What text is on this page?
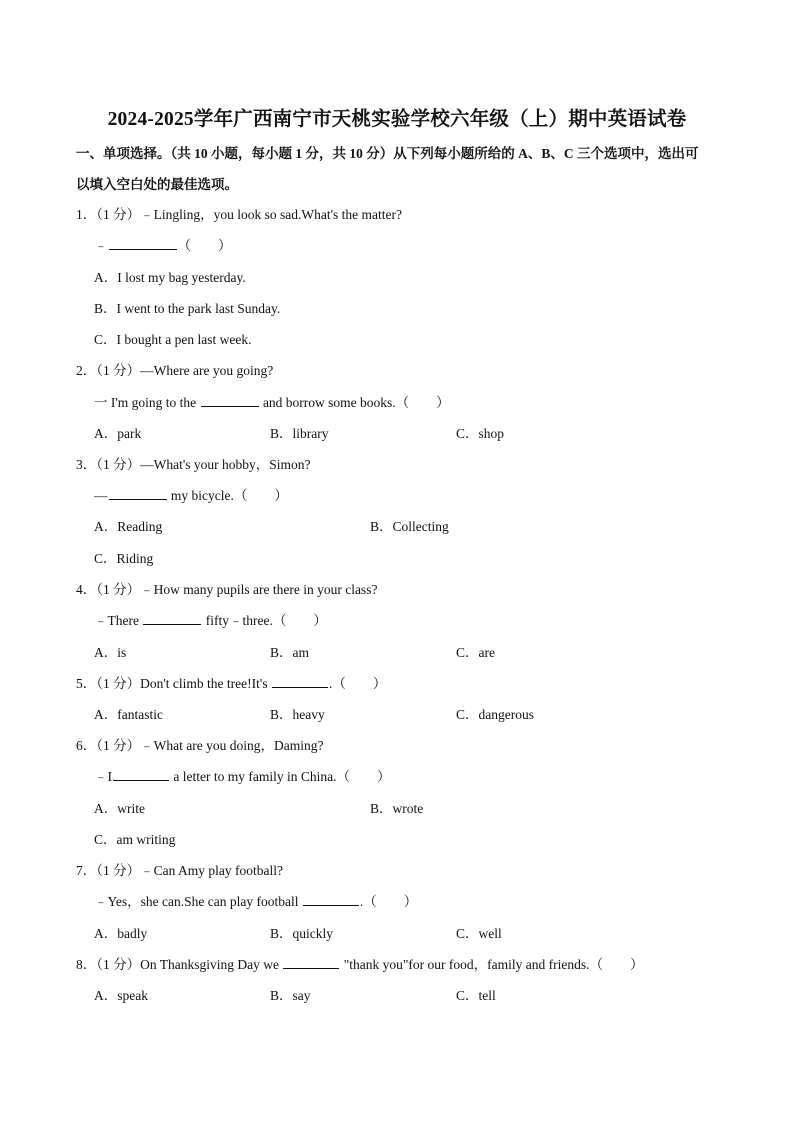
2024-2025学年广西南宁市天桃实验学校六年级（上）期中英语试卷
一、单项选择。（共 10 小题，每小题 1 分，共 10 分）从下列每小题所给的 A、B、C 三个选项中，选出可
以填入空白处的最佳选项。
1．（1 分）﹣Lingling，you look so sad.What's the matter?
﹣	（　　）
A．I lost my bag yesterday.
B．I went to the park last Sunday.
C．I bought a pen last week.
2．（1 分）—Where are you going?
一 I'm going to the	and borrow some books.（　　）
A．park	B．library	C．shop
3．（1 分）—What's your hobby，Simon?
—	my bicycle.（　　）
A．Reading	B．Collecting
C．Riding
4．（1 分）﹣How many pupils are there in your class?
﹣There	fifty﹣three.（　　）
A．is	B．am	C．are
5．（1 分）Don't climb the tree!It's	.（　　）
A．fantastic	B．heavy	C．dangerous
6．（1 分）﹣What are you doing，Daming?
﹣I	a letter to my family in China.（　　）
A．write	B．wrote
C．am writing
7．（1 分）﹣Can Amy play football?
﹣Yes，she can.She can play football	.（　　）
A．badly	B．quickly	C．well
8．（1 分）On Thanksgiving Day we	"thank you"for our food，family and friends.（　　）
A．speak	B．say	C．tell
